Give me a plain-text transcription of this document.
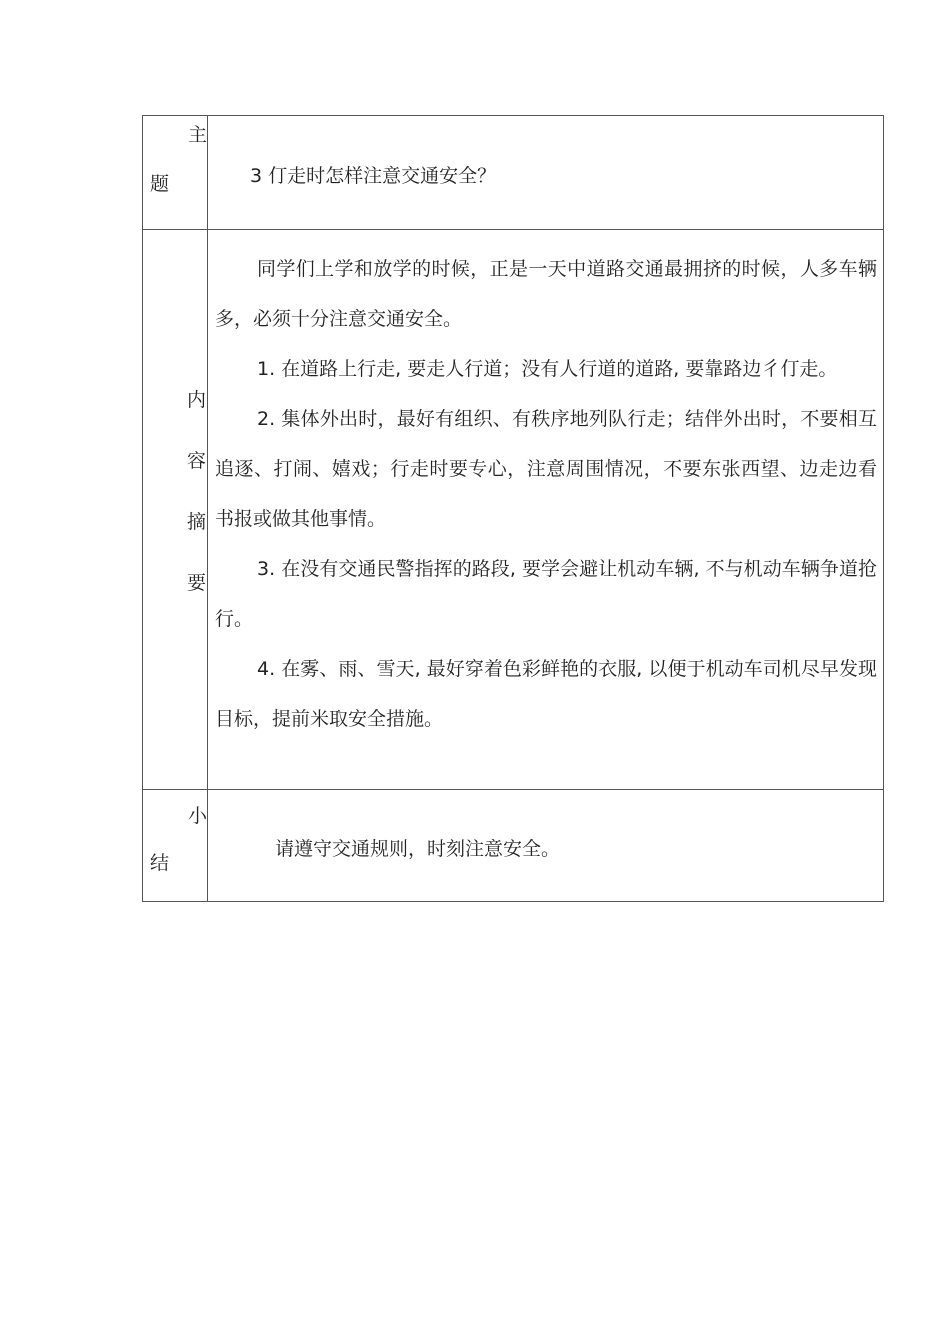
主
题	3 仃走时怎样注意交通安全？
内
容
摘
要

同学们上学和放学的时候，正是一天中道路交通最拥挤的时候，人多车辆多，必须十分注意交通安全。

1. 在道路上行走, 要走人行道；没有人行道的道路, 要靠路边彳仃走。

2. 集体外出时，最好有组织、有秩序地列队行走；结伴外出时，不要相互追逐、打闹、嬉戏；行走时要专心，注意周围情况，不要东张西望、边走边看书报或做其他事情。

3. 在没有交通民警指挥的路段, 要学会避让机动车辆, 不与机动车辆争道抢行。

4. 在雾、雨、雪天, 最好穿着色彩鲜艳的衣服, 以便于机动车司机尽早发现目标，提前米取安全措施。

小
结
请遵守交通规则，时刻注意安全。
